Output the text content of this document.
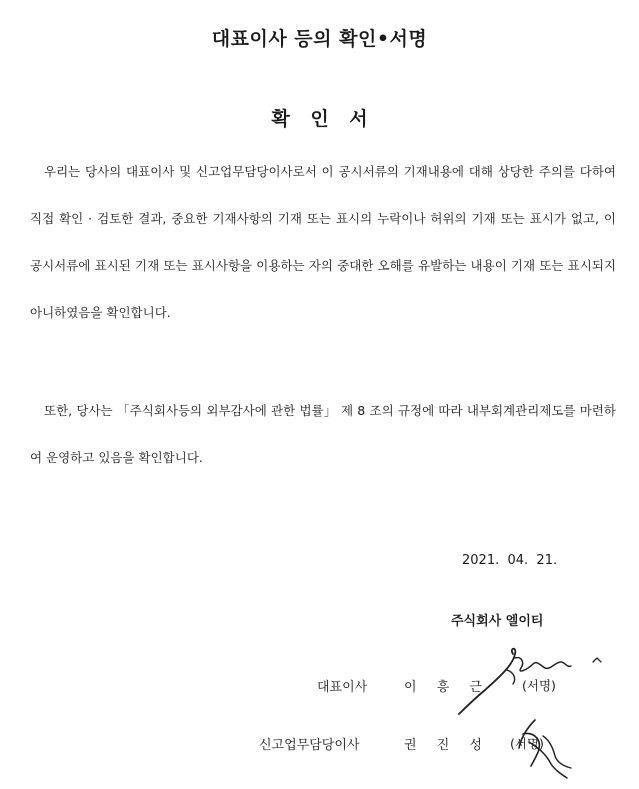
대표이사 등의 확인•서명
확 인 서

우리는 당사의 대표이사 및 신고업무담당이사로서 이 공시서류의 기재내용에 대해 상당한 주의를 다하여 직접 확인 · 검토한 결과, 중요한 기재사항의 기재 또는 표시의 누락이나 허위의 기재 또는 표시가 없고, 이 공시서류에 표시된 기재 또는 표시사항을 이용하는 자의 중대한 오해를 유발하는 내용이 기재 또는 표시되지 아니하였음을 확인합니다.

또한, 당사는 「주식회사등의 외부감사에 관한 법률」 제 8 조의 규정에 따라 내부회계관리제도를 마련하여 운영하고 있음을 확인합니다.

2021.  04.  21.
주식회사 엘이티
대표이사	이 흥 근	(서명)
신고업무담당이사	권 진 성 (서명)
